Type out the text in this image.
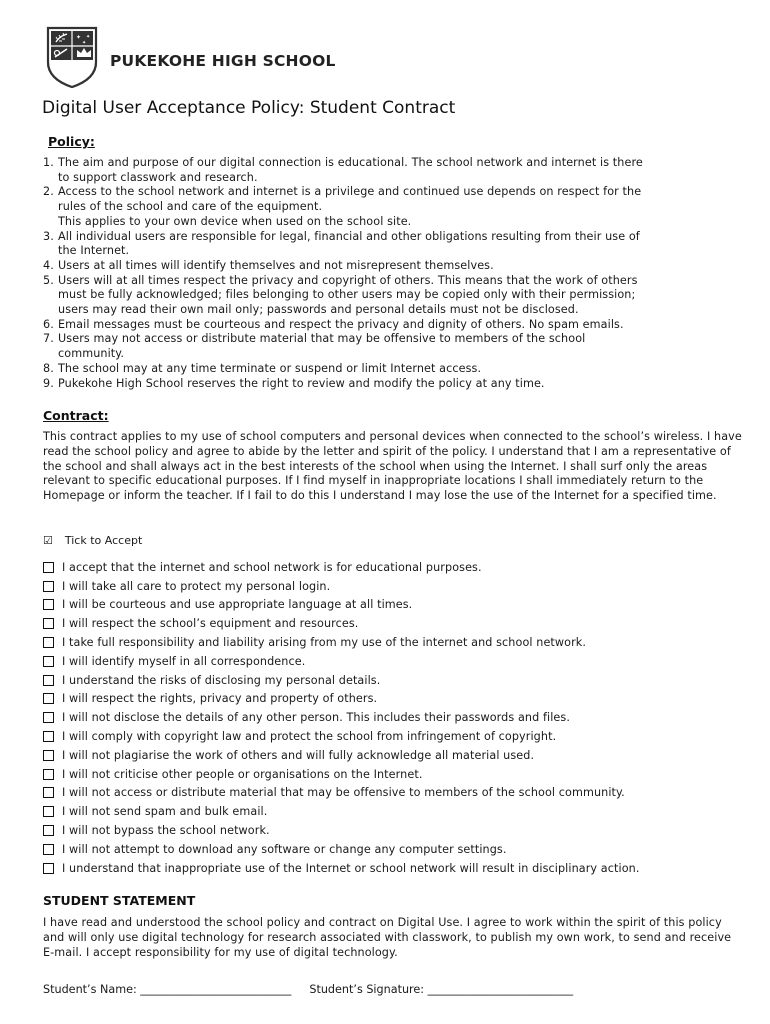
✦ ✦
✦
PUKEKOHE HIGH SCHOOL
Digital User Acceptance Policy: Student Contract
Policy:
1. The aim and purpose of our digital connection is educational. The school network and internet is there
to support classwork and research.
2. Access to the school network and internet is a privilege and continued use depends on respect for the
rules of the school and care of the equipment.
This applies to your own device when used on the school site.
3. All individual users are responsible for legal, financial and other obligations resulting from their use of
the Internet.
4. Users at all times will identify themselves and not misrepresent themselves.
5. Users will at all times respect the privacy and copyright of others. This means that the work of others
must be fully acknowledged; files belonging to other users may be copied only with their permission;
users may read their own mail only; passwords and personal details must not be disclosed.
6. Email messages must be courteous and respect the privacy and dignity of others. No spam emails.
7. Users may not access or distribute material that may be offensive to members of the school
community.
8. The school may at any time terminate or suspend or limit Internet access.
9. Pukekohe High School reserves the right to review and modify the policy at any time.
Contract:

This contract applies to my use of school computers and personal devices when connected to the school’s wireless. I have read the school policy and agree to abide by the letter and spirit of the policy. I understand that I am a representative of the school and shall always act in the best interests of the school when using the Internet. I shall surf only the areas relevant to specific educational purposes. If I find myself in inappropriate locations I shall immediately return to the Homepage or inform the teacher. If I fail to do this I understand I may lose the use of the Internet for a specified time.

☑ Tick to Accept
I accept that the internet and school network is for educational purposes.
I will take all care to protect my personal login.
I will be courteous and use appropriate language at all times.
I will respect the school’s equipment and resources.
I take full responsibility and liability arising from my use of the internet and school network.
I will identify myself in all correspondence.
I understand the risks of disclosing my personal details.
I will respect the rights, privacy and property of others.
I will not disclose the details of any other person. This includes their passwords and files.
I will comply with copyright law and protect the school from infringement of copyright.
I will not plagiarise the work of others and will fully acknowledge all material used.
I will not criticise other people or organisations on the Internet.
I will not access or distribute material that may be offensive to members of the school community.
I will not send spam and bulk email.
I will not bypass the school network.
I will not attempt to download any software or change any computer settings.
I understand that inappropriate use of the Internet or school network will result in disciplinary action.
STUDENT STATEMENT

I have read and understood the school policy and contract on Digital Use. I agree to work within the spirit of this policy and will only use digital technology for research associated with classwork, to publish my own work, to send and receive E-mail. I accept responsibility for my use of digital technology.

Student’s Name: ___________________________ Student’s Signature: __________________________
